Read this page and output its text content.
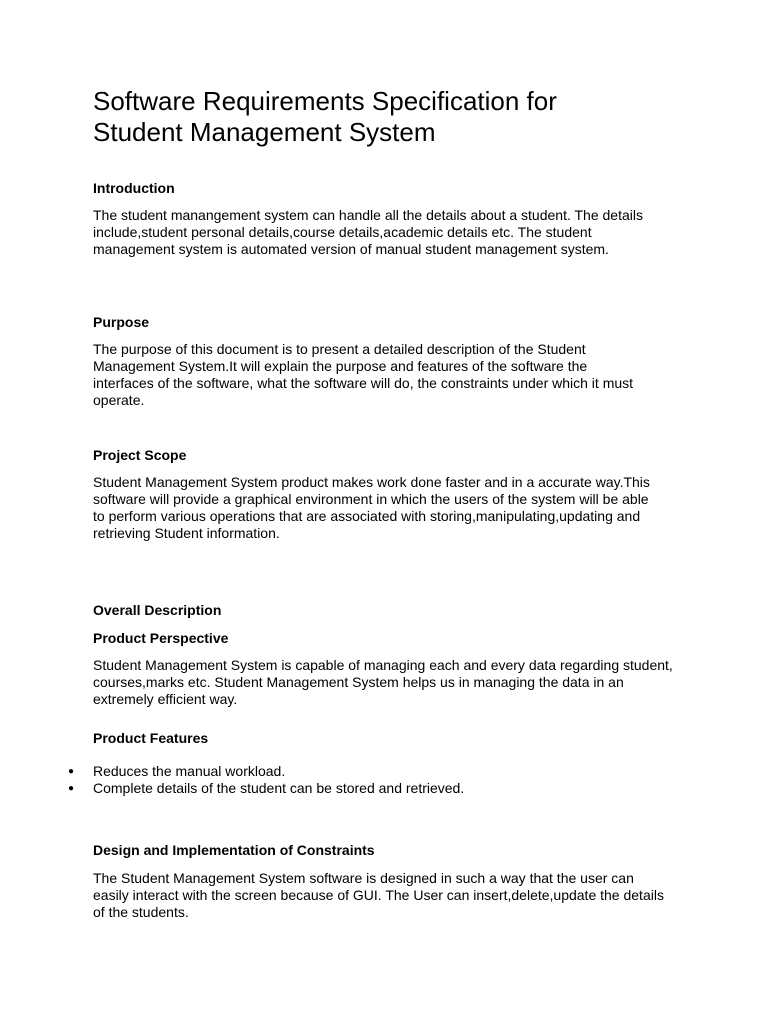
Software Requirements Specification for
Student Management System
Introduction

The student manangement system can handle all the details about a student. The details include,student personal details,course details,academic details etc. The student management system is automated version of manual student management system.

Purpose

The purpose of this document is to present a detailed description of the Student Management System.It will explain the purpose and features of the software the interfaces of the software, what the software will do, the constraints under which it must operate.

Project Scope

Student Management System product makes work done faster and in a accurate way.This software will provide a graphical environment in which the users of the system will be able to perform various operations that are associated with storing,manipulating,updating and retrieving Student information.

Overall Description
Product Perspective

Student Management System is capable of managing each and every data regarding student, courses,marks etc. Student Management System helps us in managing the data in an extremely efficient way.

Product Features
● Reduces the manual workload.
● Complete details of the student can be stored and retrieved.
Design and Implementation of Constraints

The Student Management System software is designed in such a way that the user can easily interact with the screen because of GUI. The User can insert,delete,update the details of the students.
